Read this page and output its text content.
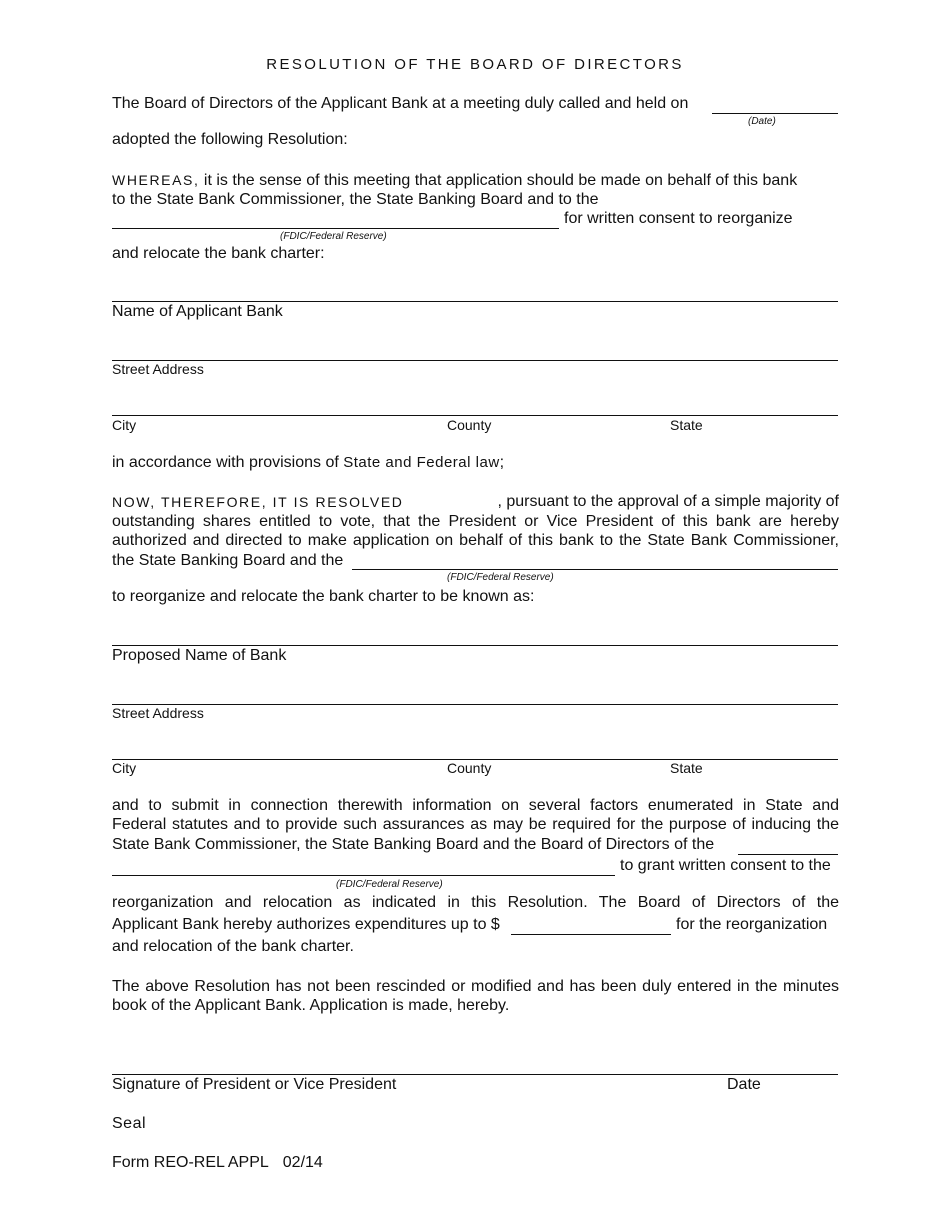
RESOLUTION OF THE BOARD OF DIRECTORS
The Board of Directors of the Applicant Bank at a meeting duly called and held on
(Date)
adopted the following Resolution:
WHEREAS, it is the sense of this meeting that application should be made on behalf of this bank
to the State Bank Commissioner, the State Banking Board and to the
for written consent to reorganize
(FDIC/Federal Reserve)
and relocate the bank charter:
Name of Applicant Bank
Street Address
City	County	State
in accordance with provisions of State and Federal law;
NOW, THEREFORE, IT IS RESOLVED	, pursuant to the approval of a simple majority of
outstanding shares entitled to vote, that the President or Vice President of this bank are hereby
authorized and directed to make application on behalf of this bank to the State Bank Commissioner,
the State Banking Board and the
(FDIC/Federal Reserve)
to reorganize and relocate the bank charter to be known as:
Proposed Name of Bank
Street Address
City	County	State
and to submit in connection therewith information on several factors enumerated in State and
Federal statutes and to provide such assurances as may be required for the purpose of inducing the
State Bank Commissioner, the State Banking Board and the Board of Directors of the
to grant written consent to the
(FDIC/Federal Reserve)
reorganization and relocation as indicated in this Resolution. The Board of Directors of the
Applicant Bank hereby authorizes expenditures up to $	for the reorganization
and relocation of the bank charter.
The above Resolution has not been rescinded or modified and has been duly entered in the minutes
book of the Applicant Bank. Application is made, hereby.
Signature of President or Vice President	Date
Seal
Form REO-REL APPL 02/14
